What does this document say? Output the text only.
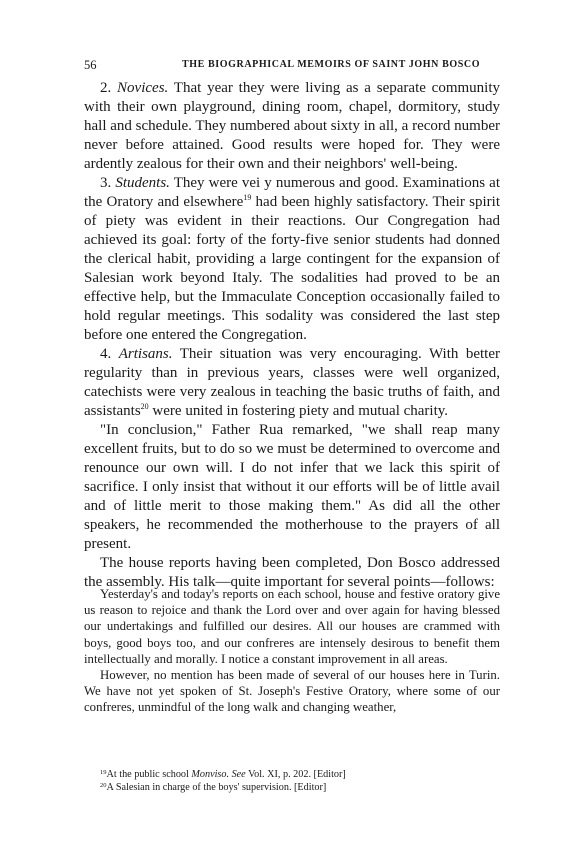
56	THE BIOGRAPHICAL MEMOIRS OF SAINT JOHN BOSCO

2. Novices. That year they were living as a separate community with their own playground, dining room, chapel, dormitory, study hall and schedule. They numbered about sixty in all, a record number never before attained. Good results were hoped for. They were ardently zealous for their own and their neighbors' well-being.

3. Students. They were vei y numerous and good. Examinations at the Oratory and elsewhere$^{19}$ had been highly satisfactory. Their spirit of piety was evident in their reactions. Our Congregation had achieved its goal: forty of the forty-five senior students had donned the clerical habit, providing a large contingent for the expansion of Salesian work beyond Italy. The sodalities had proved to be an effective help, but the Immaculate Conception occasionally failed to hold regular meetings. This sodality was considered the last step before one entered the Congregation.

4. Artisans. Their situation was very encouraging. With better regularity than in previous years, classes were well organized, catechists were very zealous in teaching the basic truths of faith, and assistants$^{20}$ were united in fostering piety and mutual charity.

"In conclusion," Father Rua remarked, "we shall reap many excellent fruits, but to do so we must be determined to overcome and renounce our own will. I do not infer that we lack this spirit of sacrifice. I only insist that without it our efforts will be of little avail and of little merit to those making them." As did all the other speakers, he recommended the motherhouse to the prayers of all present.

The house reports having been completed, Don Bosco addressed the assembly. His talk—quite important for several points—follows:

Yesterday's and today's reports on each school, house and festive oratory give us reason to rejoice and thank the Lord over and over again for having blessed our undertakings and fulfilled our desires. All our houses are crammed with boys, good boys too, and our confreres are intensely desirous to benefit them intellectually and morally. I notice a constant improvement in all areas.

However, no mention has been made of several of our houses here in Turin. We have not yet spoken of St. Joseph's Festive Oratory, where some of our confreres, unmindful of the long walk and changing weather,

$^{19}$At the public school Monviso. See Vol. XI, p. 202. [Editor]
$^{20}$A Salesian in charge of the boys' supervision. [Editor]
